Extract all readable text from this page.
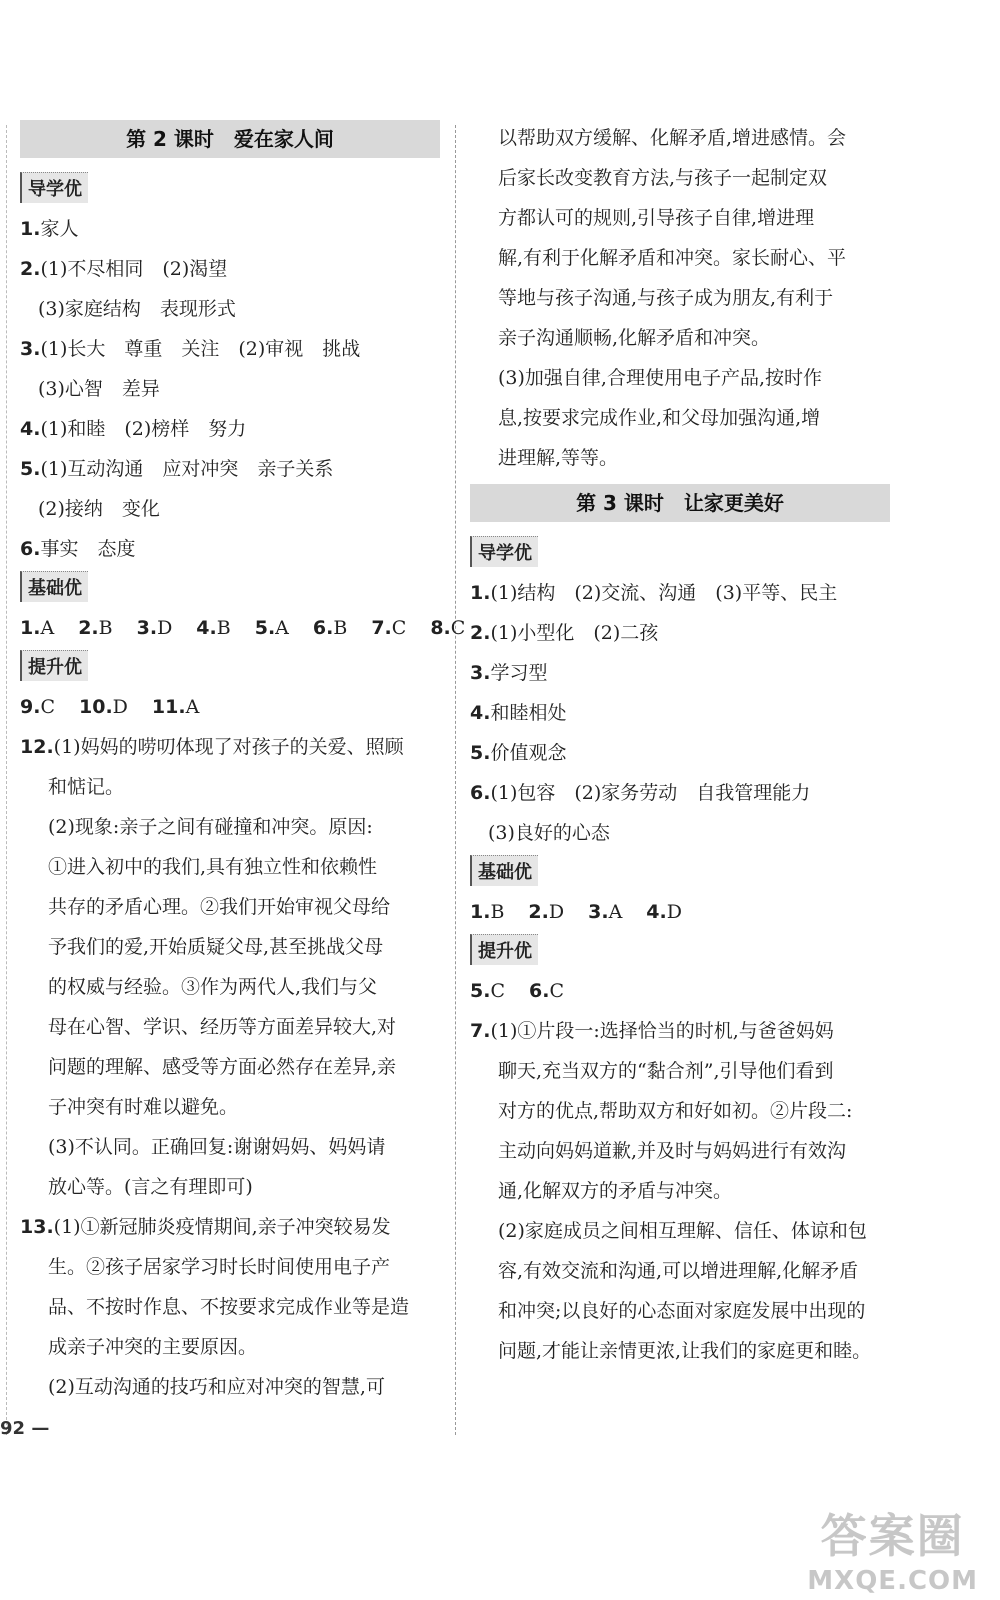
第 2 课时　爱在家人间
导学优
1.家人
2.(1)不尽相同　(2)渴望
(3)家庭结构　表现形式
3.(1)长大　尊重　关注　(2)审视　挑战
(3)心智　差异
4.(1)和睦　(2)榜样　努力
5.(1)互动沟通　应对冲突　亲子关系
(2)接纳　变化
6.事实　态度
基础优
1.A 2.B 3.D 4.B 5.A 6.B 7.C 8.C
提升优
9.C 10.D 11.A
12.(1)妈妈的唠叨体现了对孩子的关爱、照顾
和惦记。
(2)现象:亲子之间有碰撞和冲突。原因:
①进入初中的我们,具有独立性和依赖性
共存的矛盾心理。②我们开始审视父母给
予我们的爱,开始质疑父母,甚至挑战父母
的权威与经验。③作为两代人,我们与父
母在心智、学识、经历等方面差异较大,对
问题的理解、感受等方面必然存在差异,亲
子冲突有时难以避免。
(3)不认同。正确回复:谢谢妈妈、妈妈请
放心等。(言之有理即可)
13.(1)①新冠肺炎疫情期间,亲子冲突较易发
生。②孩子居家学习时长时间使用电子产
品、不按时作息、不按要求完成作业等是造
成亲子冲突的主要原因。
(2)互动沟通的技巧和应对冲突的智慧,可
以帮助双方缓解、化解矛盾,增进感情。会
后家长改变教育方法,与孩子一起制定双
方都认可的规则,引导孩子自律,增进理
解,有利于化解矛盾和冲突。家长耐心、平
等地与孩子沟通,与孩子成为朋友,有利于
亲子沟通顺畅,化解矛盾和冲突。
(3)加强自律,合理使用电子产品,按时作
息,按要求完成作业,和父母加强沟通,增
进理解,等等。
第 3 课时　让家更美好
导学优
1.(1)结构　(2)交流、沟通　(3)平等、民主
2.(1)小型化　(2)二孩
3.学习型
4.和睦相处
5.价值观念
6.(1)包容　(2)家务劳动　自我管理能力
(3)良好的心态
基础优
1.B 2.D 3.A 4.D
提升优
5.C 6.C
7.(1)①片段一:选择恰当的时机,与爸爸妈妈
聊天,充当双方的“黏合剂”,引导他们看到
对方的优点,帮助双方和好如初。②片段二:
主动向妈妈道歉,并及时与妈妈进行有效沟
通,化解双方的矛盾与冲突。
(2)家庭成员之间相互理解、信任、体谅和包
容,有效交流和沟通,可以增进理解,化解矛盾
和冲突;以良好的心态面对家庭发展中出现的
问题,才能让亲情更浓,让我们的家庭更和睦。
92 —
答案圈
MXQE.COM
